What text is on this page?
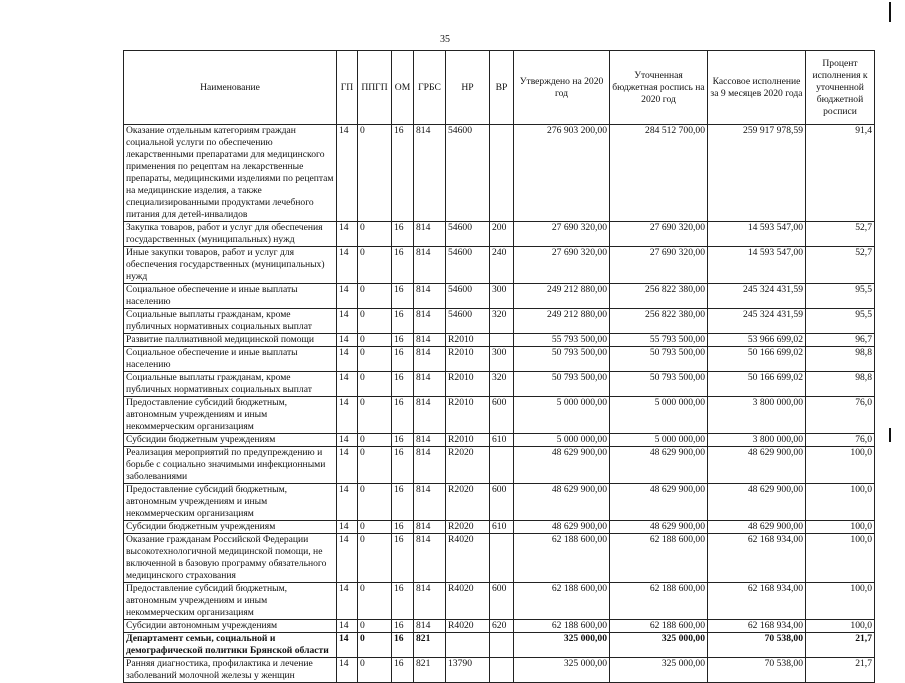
35
Наименование	ГП	ППГП	ОМ	ГРБС	НР	ВР	Утверждено на 2020 год	Уточненная бюджетная роспись на 2020 год	Кассовое исполнение за 9 месяцев 2020 года	Процент исполнения к уточненной бюджетной росписи
Оказание отдельным категориям граждан социальной услуги по обеспечению лекарственными препаратами для медицинского применения по рецептам на лекарственные препараты, медицинскими изделиями по рецептам на медицинские изделия, а также специализированными продуктами лечебного питания для детей-инвалидов	14	0	16	814	54600		276 903 200,00	284 512 700,00	259 917 978,59	91,4
Закупка товаров, работ и услуг для обеспечения государственных (муниципальных) нужд	14	0	16	814	54600	200	27 690 320,00	27 690 320,00	14 593 547,00	52,7
Иные закупки товаров, работ и услуг для обеспечения государственных (муниципальных) нужд	14	0	16	814	54600	240	27 690 320,00	27 690 320,00	14 593 547,00	52,7
Социальное обеспечение и иные выплаты населению	14	0	16	814	54600	300	249 212 880,00	256 822 380,00	245 324 431,59	95,5
Социальные выплаты гражданам, кроме публичных нормативных социальных выплат	14	0	16	814	54600	320	249 212 880,00	256 822 380,00	245 324 431,59	95,5
Развитие паллиативной медицинской помощи	14	0	16	814	R2010		55 793 500,00	55 793 500,00	53 966 699,02	96,7
Социальное обеспечение и иные выплаты населению	14	0	16	814	R2010	300	50 793 500,00	50 793 500,00	50 166 699,02	98,8
Социальные выплаты гражданам, кроме публичных нормативных социальных выплат	14	0	16	814	R2010	320	50 793 500,00	50 793 500,00	50 166 699,02	98,8
Предоставление субсидий бюджетным, автономным учреждениям и иным некоммерческим организациям	14	0	16	814	R2010	600	5 000 000,00	5 000 000,00	3 800 000,00	76,0
Субсидии бюджетным учреждениям	14	0	16	814	R2010	610	5 000 000,00	5 000 000,00	3 800 000,00	76,0
Реализация мероприятий по предупреждению и борьбе с социально значимыми инфекционными заболеваниями	14	0	16	814	R2020		48 629 900,00	48 629 900,00	48 629 900,00	100,0
Предоставление субсидий бюджетным, автономным учреждениям и иным некоммерческим организациям	14	0	16	814	R2020	600	48 629 900,00	48 629 900,00	48 629 900,00	100,0
Субсидии бюджетным учреждениям	14	0	16	814	R2020	610	48 629 900,00	48 629 900,00	48 629 900,00	100,0
Оказание гражданам Российской Федерации высокотехнологичной медицинской помощи, не включенной в базовую программу обязательного медицинского страхования	14	0	16	814	R4020		62 188 600,00	62 188 600,00	62 168 934,00	100,0
Предоставление субсидий бюджетным, автономным учреждениям и иным некоммерческим организациям	14	0	16	814	R4020	600	62 188 600,00	62 188 600,00	62 168 934,00	100,0
Субсидии автономным учреждениям	14	0	16	814	R4020	620	62 188 600,00	62 188 600,00	62 168 934,00	100,0
Департамент семьи, социальной и демографической политики Брянской области	14	0	16	821			325 000,00	325 000,00	70 538,00	21,7
Ранняя диагностика, профилактика и лечение заболеваний молочной железы у женщин	14	0	16	821	13790		325 000,00	325 000,00	70 538,00	21,7
